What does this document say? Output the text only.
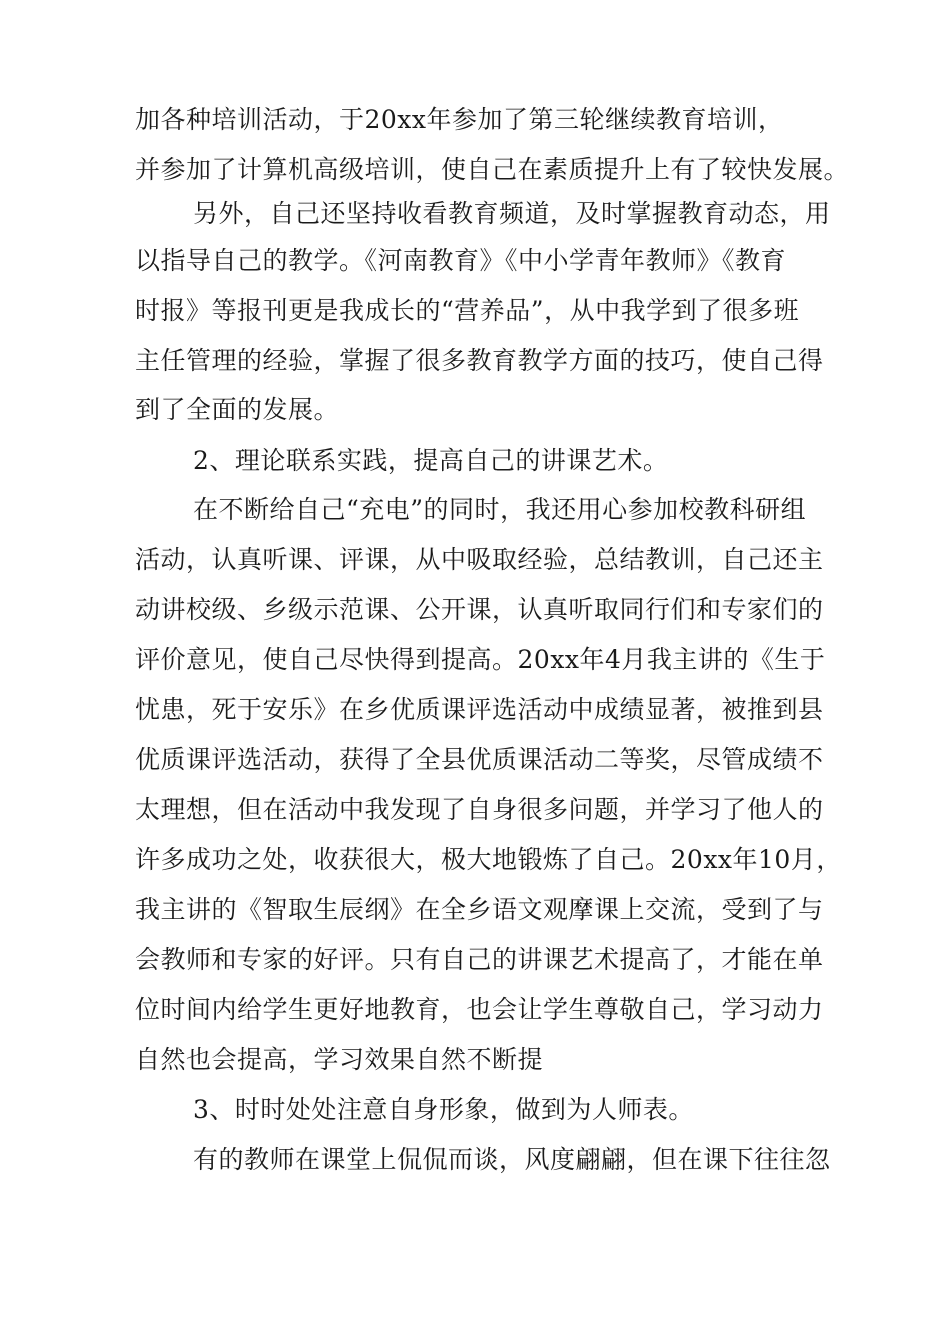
加各种培训活动，于20xx年参加了第三轮继续教育培训，
并参加了计算机高级培训，使自己在素质提升上有了较快发展。
另外，自己还坚持收看教育频道，及时掌握教育动态，用
以指导自己的教学。《河南教育》《中小学青年教师》《教育
时报》等报刊更是我成长的“营养品”，从中我学到了很多班
主任管理的经验，掌握了很多教育教学方面的技巧，使自己得
到了全面的发展。
2、理论联系实践，提高自己的讲课艺术。
在不断给自己“充电”的同时，我还用心参加校教科研组
活动，认真听课、评课，从中吸取经验，总结教训，自己还主
动讲校级、乡级示范课、公开课，认真听取同行们和专家们的
评价意见，使自己尽快得到提高。20xx年4月我主讲的《生于
忧患，死于安乐》在乡优质课评选活动中成绩显著，被推到县
优质课评选活动，获得了全县优质课活动二等奖，尽管成绩不
太理想，但在活动中我发现了自身很多问题，并学习了他人的
许多成功之处，收获很大，极大地锻炼了自己。20xx年10月，
我主讲的《智取生辰纲》在全乡语文观摩课上交流，受到了与
会教师和专家的好评。只有自己的讲课艺术提高了，才能在单
位时间内给学生更好地教育，也会让学生尊敬自己，学习动力
自然也会提高，学习效果自然不断提
3、时时处处注意自身形象，做到为人师表。
有的教师在课堂上侃侃而谈，风度翩翩，但在课下往往忽
